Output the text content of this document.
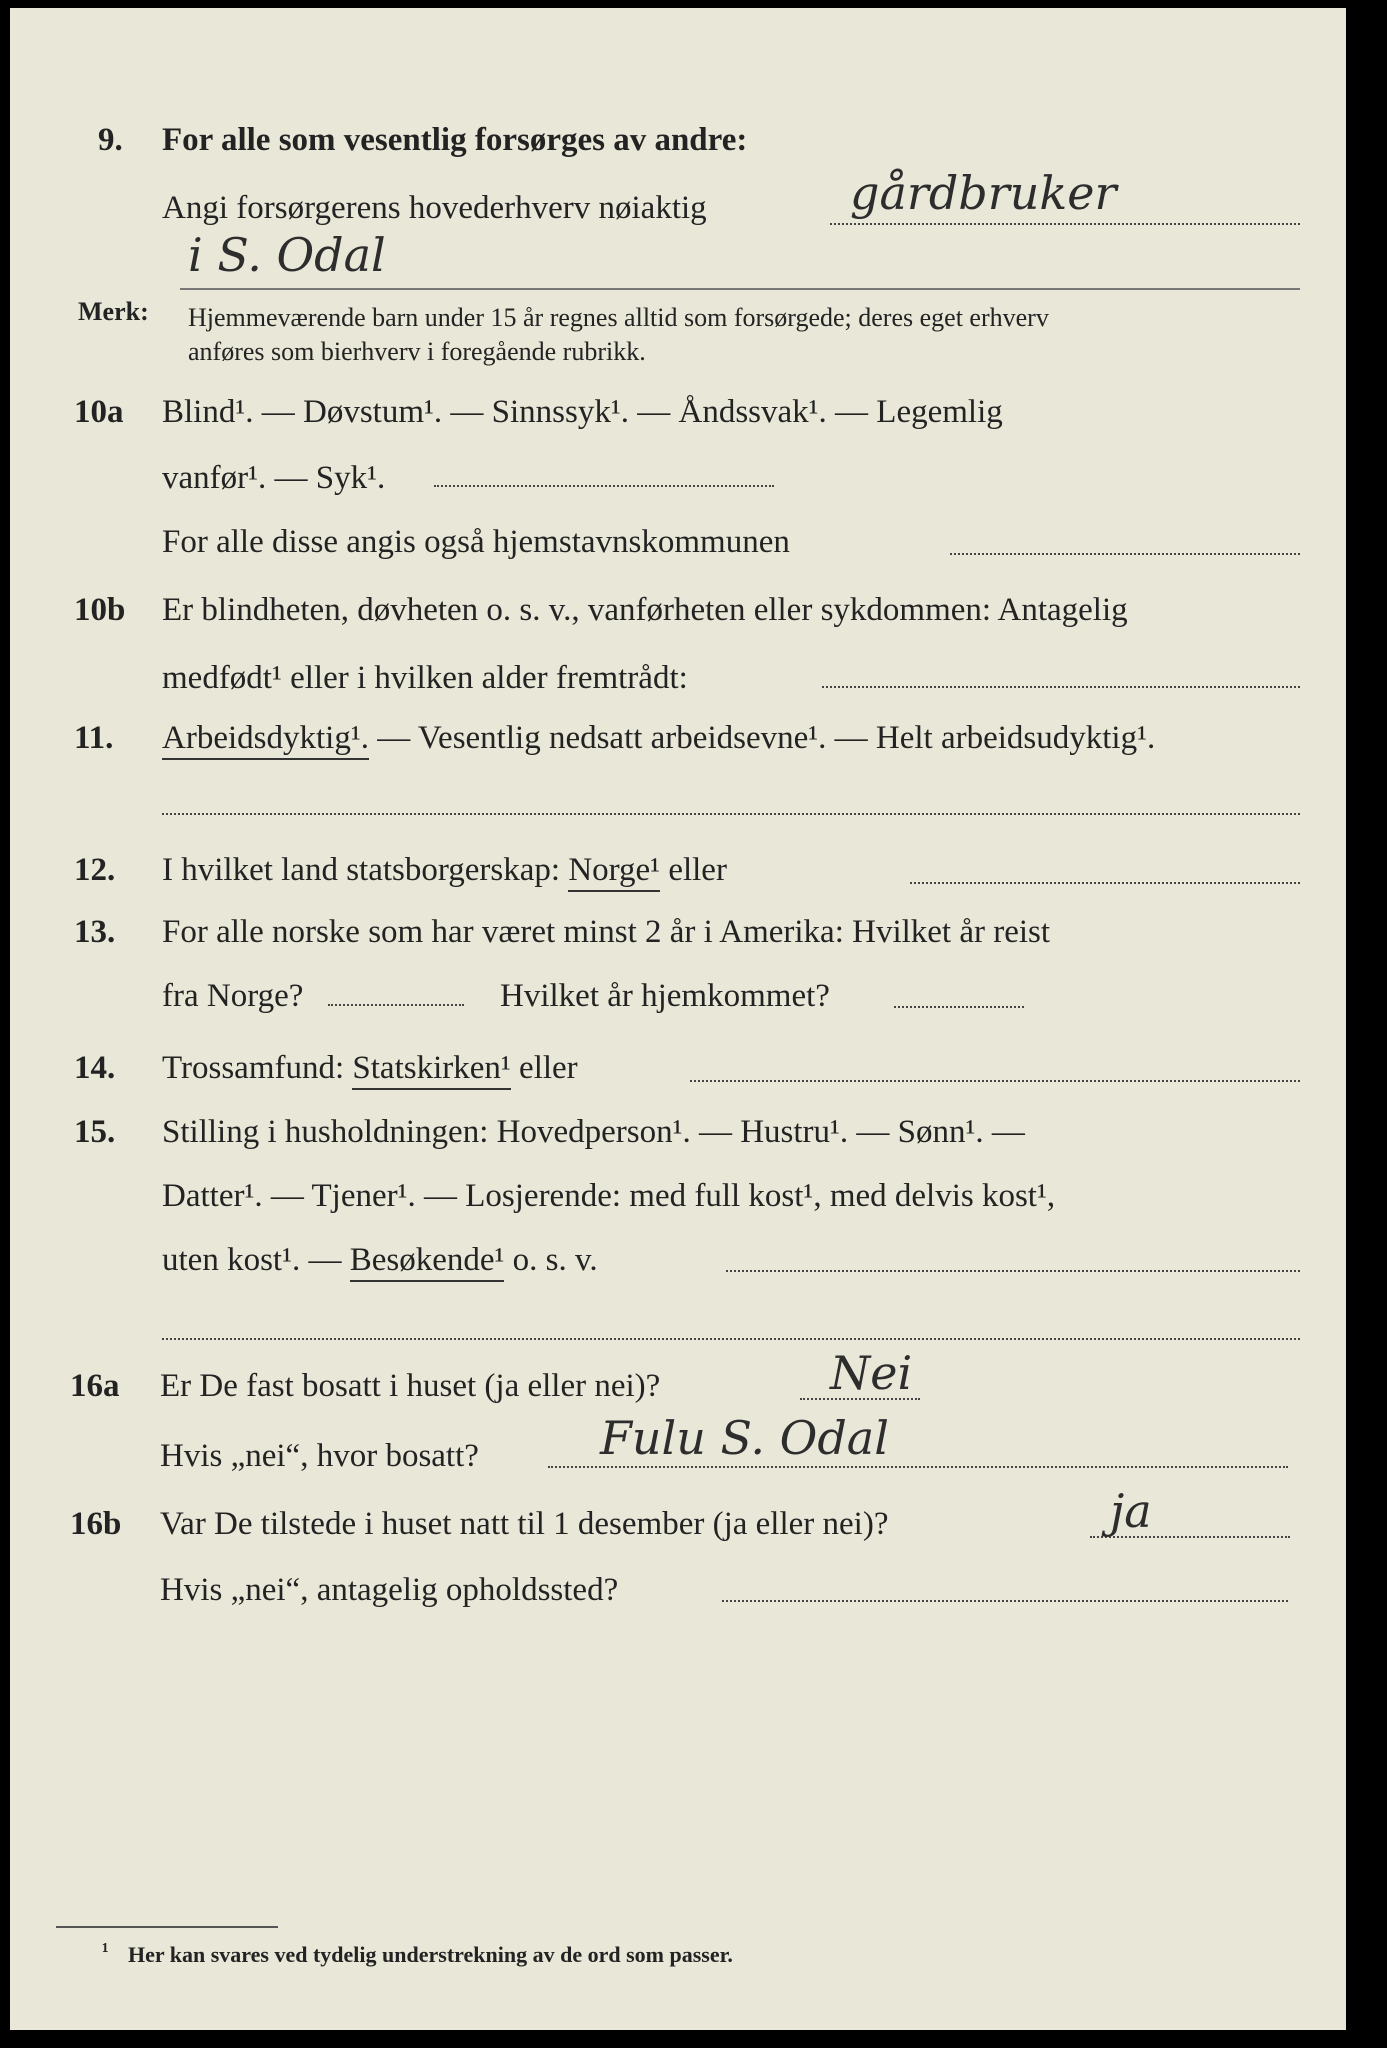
9. For alle som vesentlig forsørges av andre:
Angi forsørgerens hovederhverv nøiaktig	gårdbruker
i S. Odal
Merk: Hjemmeværende barn under 15 år regnes alltid som forsørgede; deres eget erhverv
anføres som bierhverv i foregående rubrikk.
10a Blind¹. — Døvstum¹. — Sinnssyk¹. — Åndssvak¹. — Legemlig
vanfør¹. — Syk¹.
For alle disse angis også hjemstavnskommunen
10b Er blindheten, døvheten o. s. v., vanførheten eller sykdommen: Antagelig
medfødt¹ eller i hvilken alder fremtrådt:
11. Arbeidsdyktig¹. — Vesentlig nedsatt arbeidsevne¹. — Helt arbeidsudyktig¹.
12. I hvilket land statsborgerskap: Norge¹ eller
13. For alle norske som har været minst 2 år i Amerika: Hvilket år reist
fra Norge?	Hvilket år hjemkommet?
14. Trossamfund: Statskirken¹ eller
15. Stilling i husholdningen: Hovedperson¹. — Hustru¹. — Sønn¹. —
Datter¹. — Tjener¹. — Losjerende: med full kost¹, med delvis kost¹,
uten kost¹. — Besøkende¹ o. s. v.
16a Er De fast bosatt i huset (ja eller nei)?	Nei
Hvis „nei“, hvor bosatt?	Fulu S. Odal
16b Var De tilstede i huset natt til 1 desember (ja eller nei)?	ja
Hvis „nei“, antagelig opholdssted?
¹ Her kan svares ved tydelig understrekning av de ord som passer.
